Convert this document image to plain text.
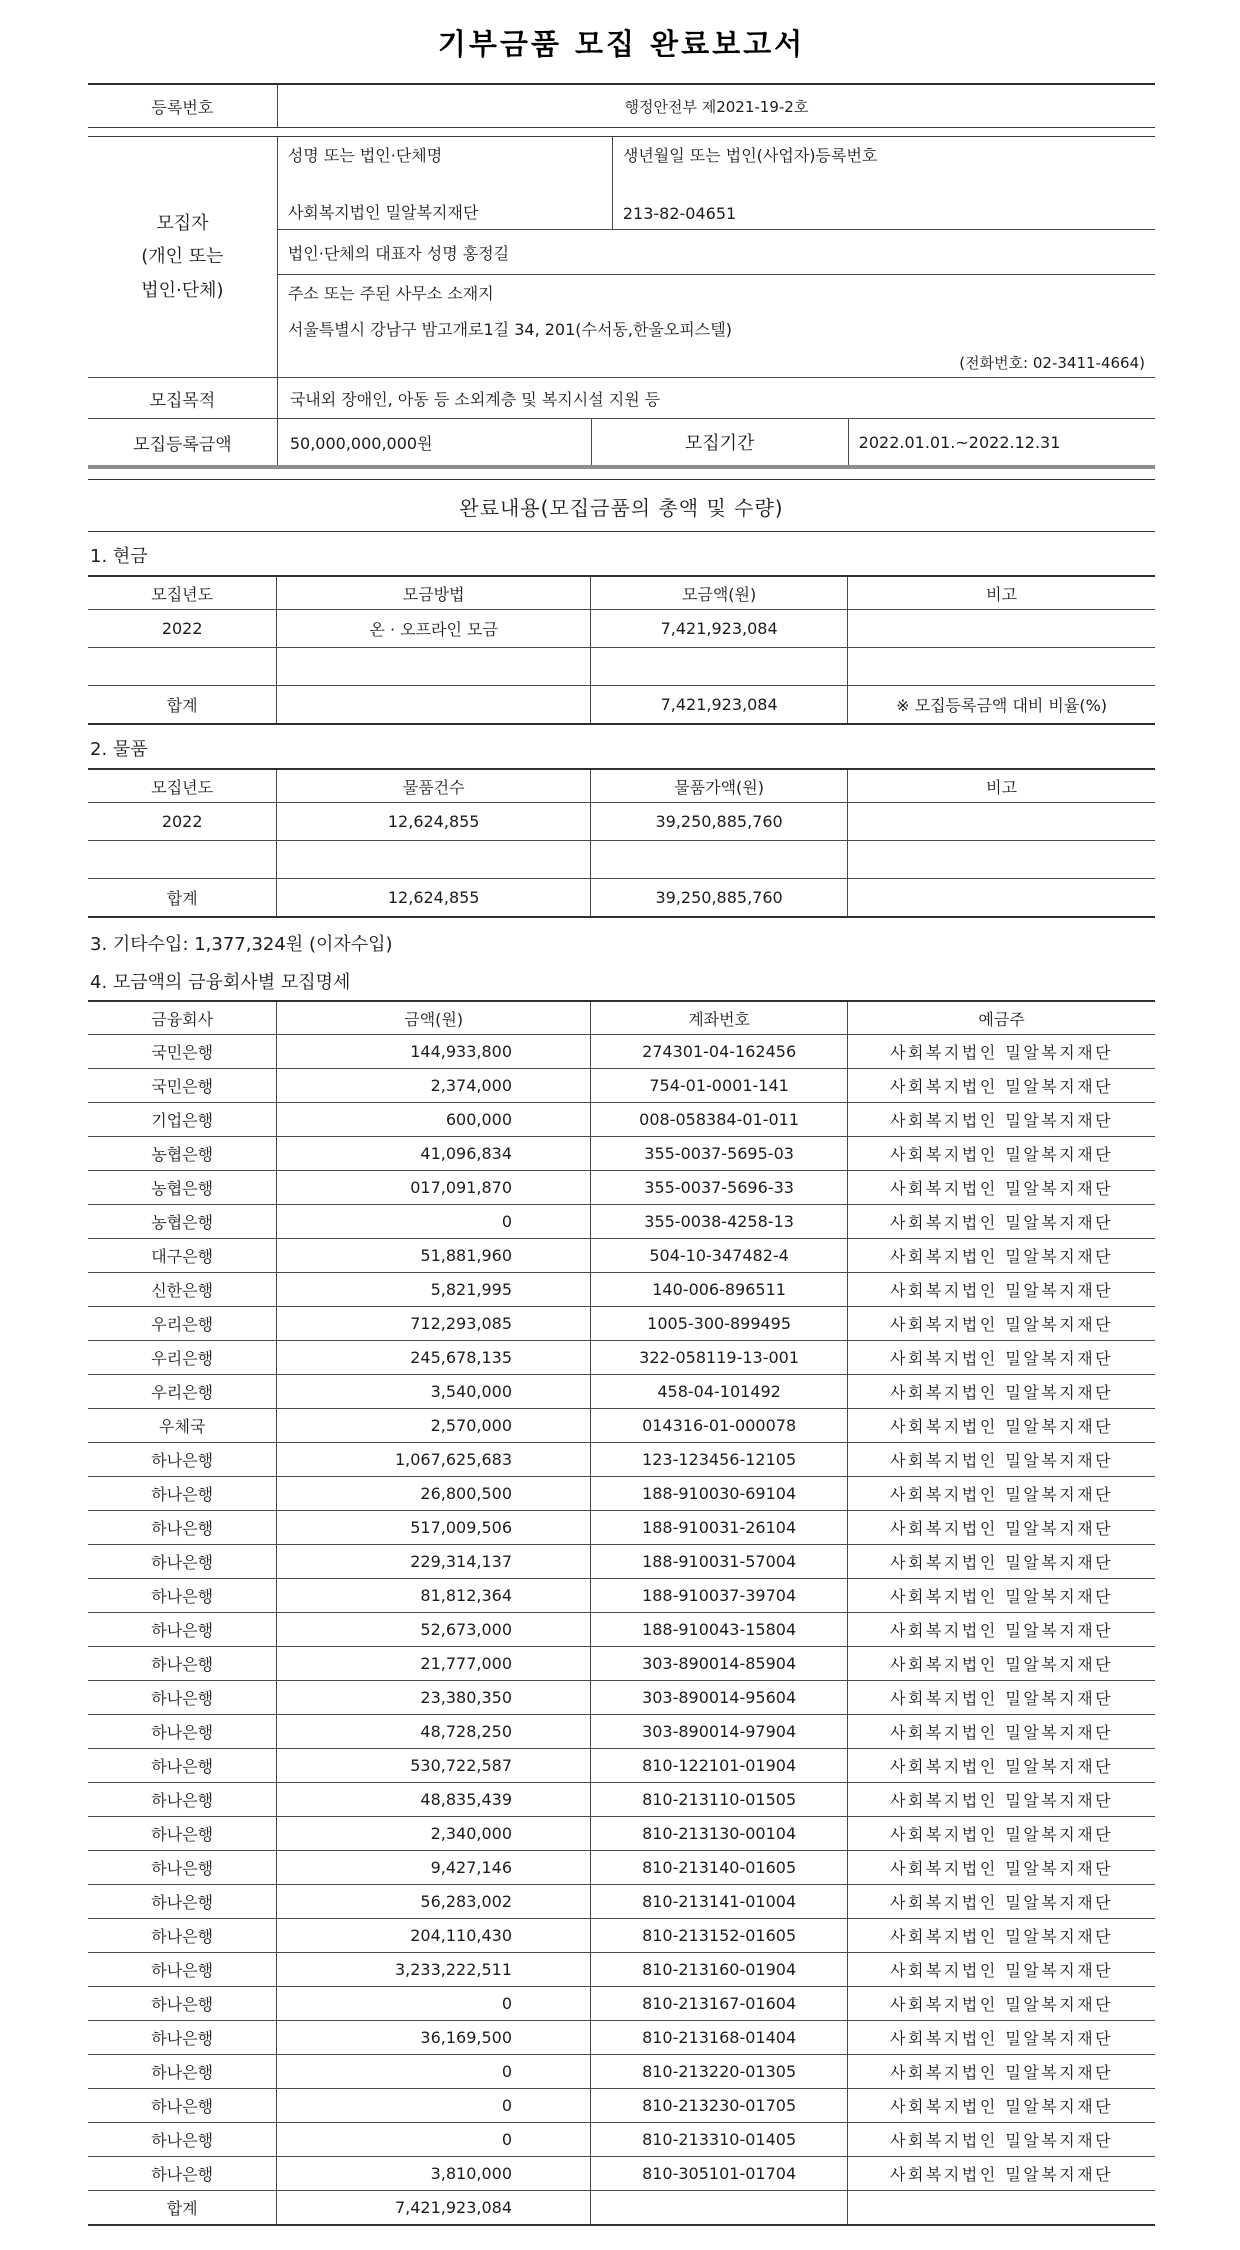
기부금품 모집 완료보고서
등록번호	행정안전부 제2021-19-2호
모집자
(개인 또는
법인·단체)
성명 또는 법인·단체명
사회복지법인 밀알복지재단
생년월일 또는 법인(사업자)등록번호
213-82-04651
법인·단체의 대표자 성명 홍정길
주소 또는 주된 사무소 소재지
서울특별시 강남구 밤고개로1길 34, 201(수서동,한울오피스텔)
(전화번호: 02-3411-4664)
모집목적	국내외 장애인, 아동 등 소외계층 및 복지시설 지원 등
모집등록금액	50,000,000,000원	모집기간	2022.01.01.~2022.12.31
완료내용(모집금품의 총액 및 수량)
1. 현금
모집년도	모금방법	모금액(원)	비고
2022	온 · 오프라인 모금	7,421,923,084	

합계		7,421,923,084	※ 모집등록금액 대비 비율(%)
2. 물품
모집년도	물품건수	물품가액(원)	비고
2022	12,624,855	39,250,885,760	

합계	12,624,855	39,250,885,760	
3. 기타수입: 1,377,324원 (이자수입)
4. 모금액의 금융회사별 모집명세
금융회사	금액(원)	계좌번호	예금주
국민은행	144,933,800	274301-04-162456	사회복지법인 밀알복지재단
국민은행	2,374,000	754-01-0001-141	사회복지법인 밀알복지재단
기업은행	600,000	008-058384-01-011	사회복지법인 밀알복지재단
농협은행	41,096,834	355-0037-5695-03	사회복지법인 밀알복지재단
농협은행	017,091,870	355-0037-5696-33	사회복지법인 밀알복지재단
농협은행	0	355-0038-4258-13	사회복지법인 밀알복지재단
대구은행	51,881,960	504-10-347482-4	사회복지법인 밀알복지재단
신한은행	5,821,995	140-006-896511	사회복지법인 밀알복지재단
우리은행	712,293,085	1005-300-899495	사회복지법인 밀알복지재단
우리은행	245,678,135	322-058119-13-001	사회복지법인 밀알복지재단
우리은행	3,540,000	458-04-101492	사회복지법인 밀알복지재단
우체국	2,570,000	014316-01-000078	사회복지법인 밀알복지재단
하나은행	1,067,625,683	123-123456-12105	사회복지법인 밀알복지재단
하나은행	26,800,500	188-910030-69104	사회복지법인 밀알복지재단
하나은행	517,009,506	188-910031-26104	사회복지법인 밀알복지재단
하나은행	229,314,137	188-910031-57004	사회복지법인 밀알복지재단
하나은행	81,812,364	188-910037-39704	사회복지법인 밀알복지재단
하나은행	52,673,000	188-910043-15804	사회복지법인 밀알복지재단
하나은행	21,777,000	303-890014-85904	사회복지법인 밀알복지재단
하나은행	23,380,350	303-890014-95604	사회복지법인 밀알복지재단
하나은행	48,728,250	303-890014-97904	사회복지법인 밀알복지재단
하나은행	530,722,587	810-122101-01904	사회복지법인 밀알복지재단
하나은행	48,835,439	810-213110-01505	사회복지법인 밀알복지재단
하나은행	2,340,000	810-213130-00104	사회복지법인 밀알복지재단
하나은행	9,427,146	810-213140-01605	사회복지법인 밀알복지재단
하나은행	56,283,002	810-213141-01004	사회복지법인 밀알복지재단
하나은행	204,110,430	810-213152-01605	사회복지법인 밀알복지재단
하나은행	3,233,222,511	810-213160-01904	사회복지법인 밀알복지재단
하나은행	0	810-213167-01604	사회복지법인 밀알복지재단
하나은행	36,169,500	810-213168-01404	사회복지법인 밀알복지재단
하나은행	0	810-213220-01305	사회복지법인 밀알복지재단
하나은행	0	810-213230-01705	사회복지법인 밀알복지재단
하나은행	0	810-213310-01405	사회복지법인 밀알복지재단
하나은행	3,810,000	810-305101-01704	사회복지법인 밀알복지재단
합계	7,421,923,084		
